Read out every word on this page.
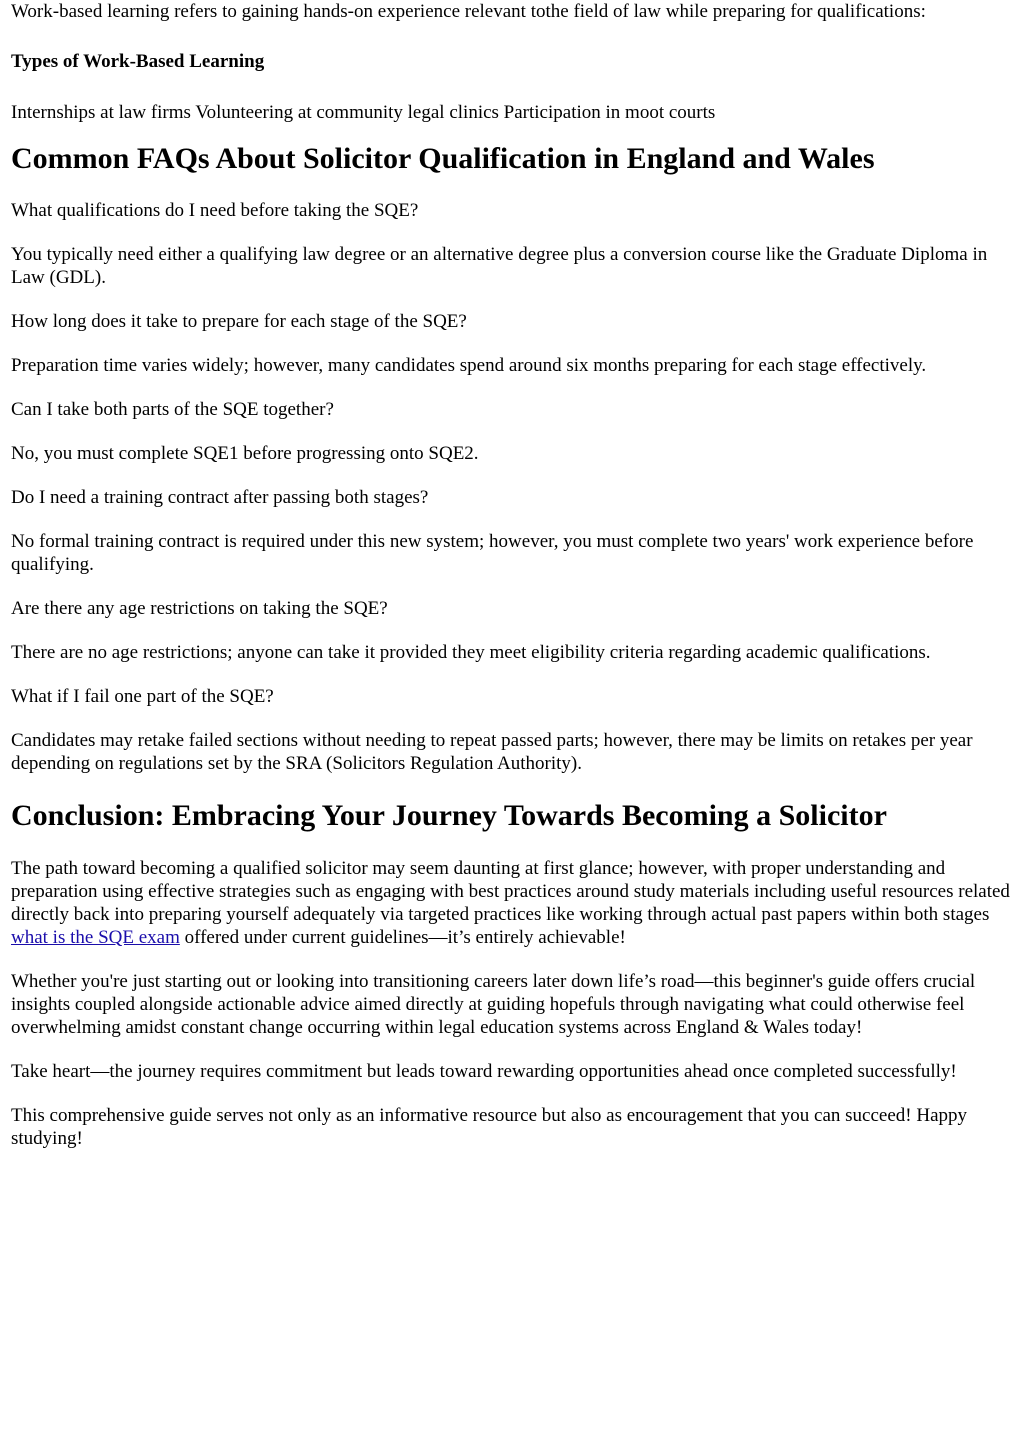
Work-based learning refers to gaining hands-on experience relevant tothe field of law while preparing for qualifications:

Types of Work-Based Learning

Internships at law firms Volunteering at community legal clinics Participation in moot courts

Common FAQs About Solicitor Qualification in England and Wales

What qualifications do I need before taking the SQE?

You typically need either a qualifying law degree or an alternative degree plus a conversion course like the Graduate Diploma in Law (GDL).

How long does it take to prepare for each stage of the SQE?

Preparation time varies widely; however, many candidates spend around six months preparing for each stage effectively.

Can I take both parts of the SQE together?

No, you must complete SQE1 before progressing onto SQE2.

Do I need a training contract after passing both stages?

No formal training contract is required under this new system; however, you must complete two years' work experience before qualifying.

Are there any age restrictions on taking the SQE?

There are no age restrictions; anyone can take it provided they meet eligibility criteria regarding academic qualifications.

What if I fail one part of the SQE?

Candidates may retake failed sections without needing to repeat passed parts; however, there may be limits on retakes per year depending on regulations set by the SRA (Solicitors Regulation Authority).

Conclusion: Embracing Your Journey Towards Becoming a Solicitor

The path toward becoming a qualified solicitor may seem daunting at first glance; however, with proper understanding and preparation using effective strategies such as engaging with best practices around study materials including useful resources related directly back into preparing yourself adequately via targeted practices like working through actual past papers within both stages what is the SQE exam offered under current guidelines—it’s entirely achievable!

Whether you're just starting out or looking into transitioning careers later down life’s road—this beginner's guide offers crucial insights coupled alongside actionable advice aimed directly at guiding hopefuls through navigating what could otherwise feel overwhelming amidst constant change occurring within legal education systems across England & Wales today!

Take heart—the journey requires commitment but leads toward rewarding opportunities ahead once completed successfully!

This comprehensive guide serves not only as an informative resource but also as encouragement that you can succeed! Happy studying!
